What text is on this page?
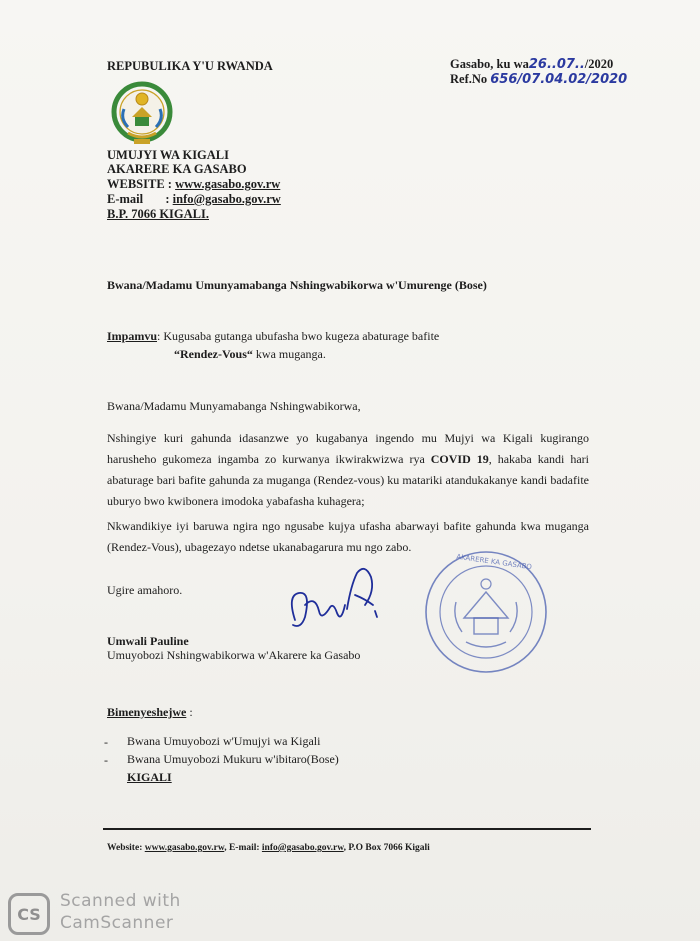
REPUBULIKA Y'U RWANDA
UMUJYI WA KIGALI
AKARERE KA GASABO
WEBSITE : www.gasabo.gov.rw
E-mail : info@gasabo.gov.rw
B.P. 7066 KIGALI.
Gasabo, ku wa26..07../2020
Ref.No 656/07.04.02/2020
Bwana/Madamu Umunyamabanga Nshingwabikorwa w'Umurenge (Bose)
Impamvu: Kugusaba gutanga ubufasha bwo kugeza abaturage bafite
“Rendez-Vous“ kwa muganga.
Bwana/Madamu Munyamabanga Nshingwabikorwa,
Nshingiye kuri gahunda idasanzwe yo kugabanya ingendo mu Mujyi wa Kigali kugirango harusheho gukomeza ingamba zo kurwanya ikwirakwizwa rya COVID 19, hakaba kandi hari abaturage bari bafite gahunda za muganga (Rendez-vous) ku matariki atandukakanye kandi badafite uburyo bwo kwibonera imodoka yabafasha kuhagera;
Nkwandikiye iyi baruwa ngira ngo ngusabe kujya ufasha abarwayi bafite gahunda kwa muganga (Rendez-Vous), ubagezayo ndetse ukanabagarura mu ngo zabo.
Ugire amahoro.
AKARERE KA GASABO
Umwali Pauline
Umuyobozi Nshingwabikorwa w'Akarere ka Gasabo
Bimenyeshejwe :
- Bwana Umuyobozi w'Umujyi wa Kigali
- Bwana Umuyobozi Mukuru w'ibitaro(Bose)
KIGALI
Website: www.gasabo.gov.rw, E-mail: info@gasabo.gov.rw, P.O Box 7066 Kigali
CS
Scanned with
CamScanner
